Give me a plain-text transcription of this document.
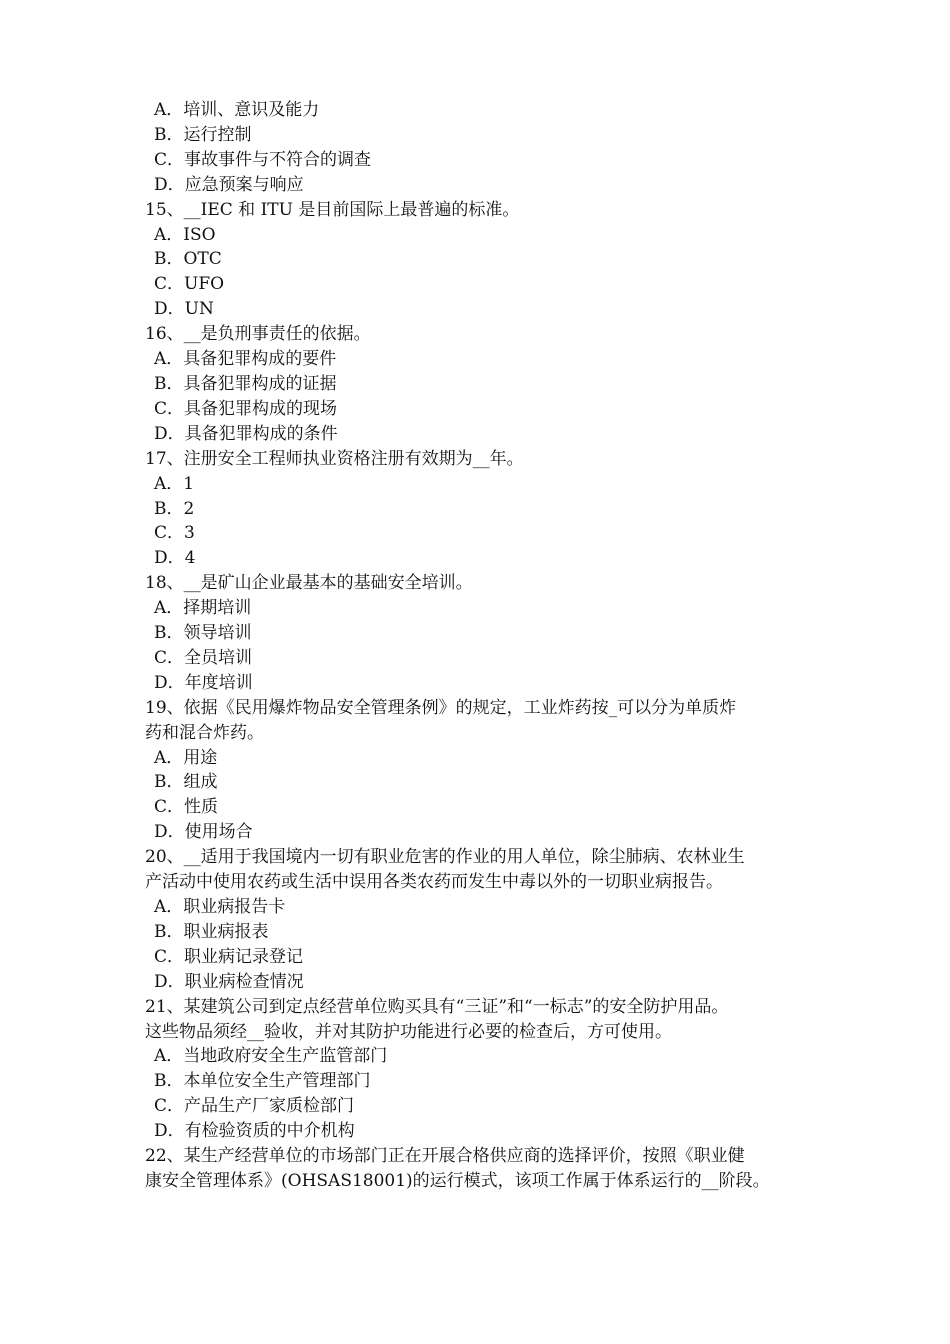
A．培训、意识及能力
B．运行控制
C．事故事件与不符合的调查
D．应急预案与响应
15、__IEC 和 ITU 是目前国际上最普遍的标准。
A．ISO
B．OTC
C．UFO
D．UN
16、__是负刑事责任的依据。
A．具备犯罪构成的要件
B．具备犯罪构成的证据
C．具备犯罪构成的现场
D．具备犯罪构成的条件
17、注册安全工程师执业资格注册有效期为__年。
A．1
B．2
C．3
D．4
18、__是矿山企业最基本的基础安全培训。
A．择期培训
B．领导培训
C．全员培训
D．年度培训
19、依据《民用爆炸物品安全管理条例》的规定，工业炸药按_可以分为单质炸
药和混合炸药。
A．用途
B．组成
C．性质
D．使用场合
20、__适用于我国境内一切有职业危害的作业的用人单位，除尘肺病、农林业生
产活动中使用农药或生活中误用各类农药而发生中毒以外的一切职业病报告。
A．职业病报告卡
B．职业病报表
C．职业病记录登记
D．职业病检查情况
21、某建筑公司到定点经营单位购买具有“三证”和“一标志”的安全防护用品。
这些物品须经__验收，并对其防护功能进行必要的检查后，方可使用。
A．当地政府安全生产监管部门
B．本单位安全生产管理部门
C．产品生产厂家质检部门
D．有检验资质的中介机构
22、某生产经营单位的市场部门正在开展合格供应商的选择评价，按照《职业健
康安全管理体系》(OHSAS18001)的运行模式，该项工作属于体系运行的__阶段。
